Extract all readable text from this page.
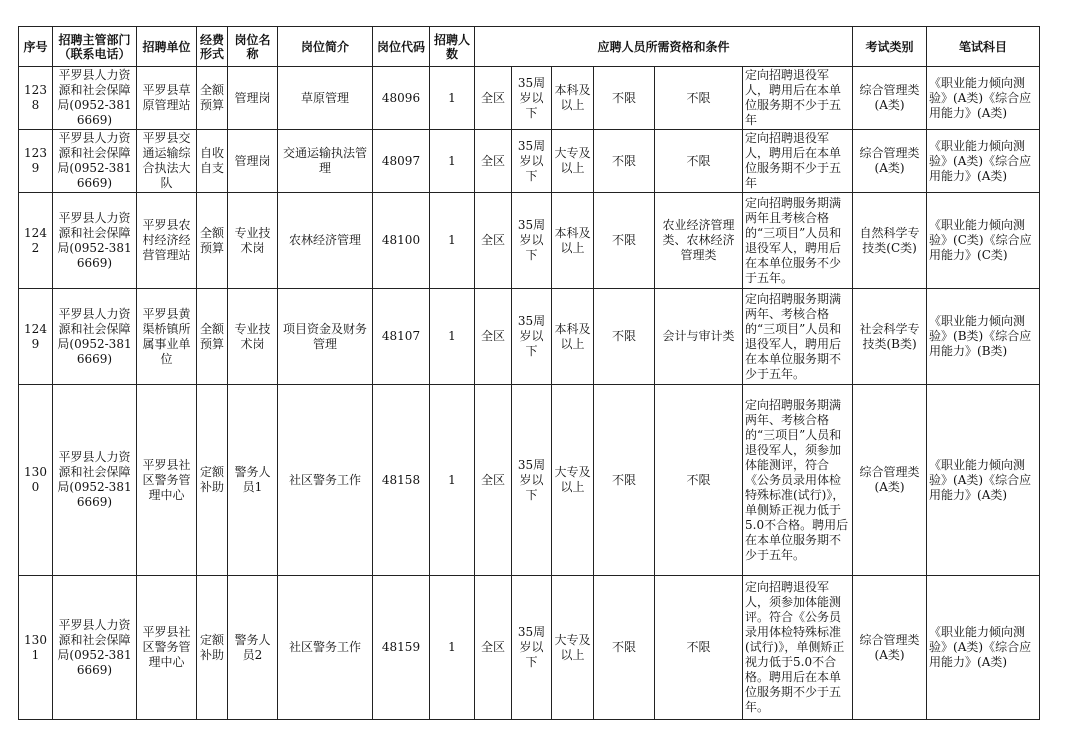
序号	招聘主管部门（联系电话）	招聘单位	经费形式	岗位名称	岗位简介	岗位代码	招聘人数	应聘人员所需资格和条件						考试类别	笔试科目
1238	平罗县人力资源和社会保障局(0952-3816669)	平罗县草原管理站	全额预算	管理岗	草原管理	48096	1	全区	35周岁以下	本科及以上	不限	不限	定向招聘退役军人，聘用后在本单位服务期不少于五年	综合管理类(A类)	《职业能力倾向测验》(A类)《综合应用能力》(A类)
1239	平罗县人力资源和社会保障局(0952-3816669)	平罗县交通运输综合执法大队	自收自支	管理岗	交通运输执法管理	48097	1	全区	35周岁以下	大专及以上	不限	不限	定向招聘退役军人，聘用后在本单位服务期不少于五年	综合管理类(A类)	《职业能力倾向测验》(A类)《综合应用能力》(A类)
1242	平罗县人力资源和社会保障局(0952-3816669)	平罗县农村经济经营管理站	全额预算	专业技术岗	农林经济管理	48100	1	全区	35周岁以下	本科及以上	不限	农业经济管理类、农林经济管理类	定向招聘服务期满两年且考核合格的“三项目”人员和退役军人，聘用后在本单位服务不少于五年。	自然科学专技类(C类)	《职业能力倾向测验》(C类)《综合应用能力》(C类)
1249	平罗县人力资源和社会保障局(0952-3816669)	平罗县黄渠桥镇所属事业单位	全额预算	专业技术岗	项目资金及财务管理	48107	1	全区	35周岁以下	本科及以上	不限	会计与审计类	定向招聘服务期满两年、考核合格的“三项目”人员和退役军人，聘用后在本单位服务期不少于五年。	社会科学专技类(B类)	《职业能力倾向测验》(B类)《综合应用能力》(B类)
1300	平罗县人力资源和社会保障局(0952-3816669)	平罗县社区警务管理中心	定额补助	警务人员1	社区警务工作	48158	1	全区	35周岁以下	大专及以上	不限	不限	定向招聘服务期满两年、考核合格的“三项目”人员和退役军人，须参加体能测评，符合《公务员录用体检特殊标准(试行)》，单侧矫正视力低于5.0不合格。聘用后在本单位服务期不少于五年。	综合管理类(A类)	《职业能力倾向测验》(A类)《综合应用能力》(A类)
1301	平罗县人力资源和社会保障局(0952-3816669)	平罗县社区警务管理中心	定额补助	警务人员2	社区警务工作	48159	1	全区	35周岁以下	大专及以上	不限	不限	定向招聘退役军人，须参加体能测评。符合《公务员录用体检特殊标准(试行)》，单侧矫正视力低于5.0不合格。聘用后在本单位服务期不少于五年。	综合管理类(A类)	《职业能力倾向测验》(A类)《综合应用能力》(A类)
